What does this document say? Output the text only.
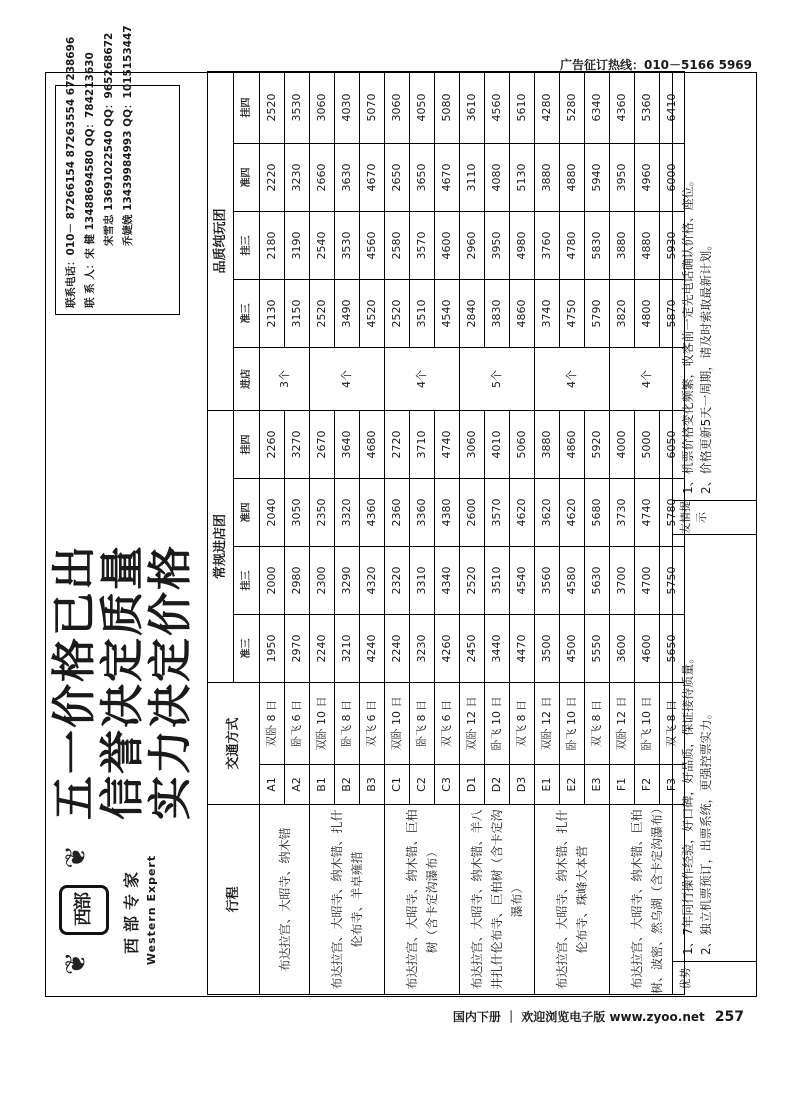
广告征订热线：010－5166 5969
❦
西部
❦
西部专家 Western Expert
五一价格已出
信誉决定质量
实力决定价格
联系电话：010－ 87266154 87263554 67238696
联 系 人：宋 健 13488694580 QQ：784213630 宋雪忠 13691022540 QQ：965268672 乔婕娩 13439984993 QQ：1015153447
行程	交通方式		常规进店团				品质纯玩团				
			准三	挂三	准四	挂四	进店	准三	挂三	准四	挂四
布达拉宫、大昭寺、纳木错	A1	双卧 8 日	1950	2000	2040	2260	3个	2130	2180	2220	2520
	A2	卧飞 6 日	2970	2980	3050	3270		3150	3190	3230	3530
布达拉宫、大昭寺、纳木错、扎什伦布寺、羊卓雍措	B1	双卧 10 日	2240	2300	2350	2670	4个	2520	2540	2660	3060
	B2	卧飞 8 日	3210	3290	3320	3640		3490	3530	3630	4030
	B3	双飞 6 日	4240	4320	4360	4680		4520	4560	4670	5070
布达拉宫、大昭寺、纳木错、巨柏树（含卡定沟瀑布）	C1	双卧 10 日	2240	2320	2360	2720	4个	2520	2580	2650	3060
	C2	卧飞 8 日	3230	3310	3360	3710		3510	3570	3650	4050
	C3	双飞 6 日	4260	4340	4380	4740		4540	4600	4670	5080
布达拉宫、大昭寺、纳木错、羊八井扎什伦布寺、巨柏树（含卡定沟瀑布）	D1	双卧 12 日	2450	2520	2600	3060	5个	2840	2960	3110	3610
	D2	卧飞 10 日	3440	3510	3570	4010		3830	3950	4080	4560
	D3	双飞 8 日	4470	4540	4620	5060		4860	4980	5130	5610
布达拉宫、大昭寺、纳木错、扎什伦布寺、珠峰大本营	E1	双卧 12 日	3500	3560	3620	3880	4个	3740	3760	3880	4280
	E2	卧飞 10 日	4500	4580	4620	4860		4750	4780	4880	5280
	E3	双飞 8 日	5550	5630	5680	5920		5790	5830	5940	6340
布达拉宫、大昭寺、纳木错、巨柏树、波密、然乌湖（含卡定沟瀑布）	F1	双卧 12 日	3600	3700	3730	4000	4个	3820	3880	3950	4360
	F2	卧飞 10 日	4600	4700	4740	5000		4800	4880	4960	5360
	F3	双飞 8 日	5650	5750	5780	6050		5870	5930	6000	6410
优势
1、7年同行操作经验，好口碑，好品质，保证接待质量。 2、独立机票预订，出票系统，更强控票实力。
友情提示
1、机票价格变化频繁，收客前一定先电话确认价格、座位。 2、价格更新5天一周期，请及时索取最新计划。
国内下册 ｜ 欢迎浏览电子版 www.zyoo.net 257
